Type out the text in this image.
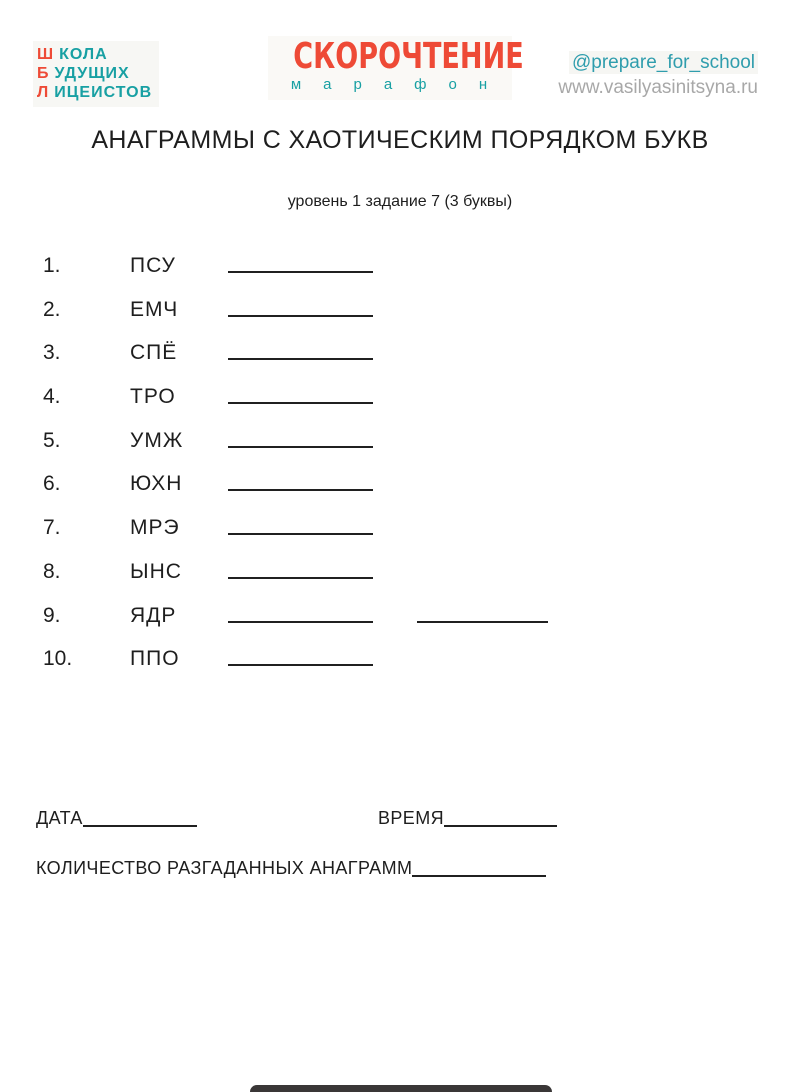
Ш КОЛА
Б УДУЩИХ
Л ИЦЕИСТОВ
СКОРОЧТЕНИЕ
марафон
@prepare_for_school
www.vasilyasinitsyna.ru
АНАГРАММЫ С ХАОТИЧЕСКИМ ПОРЯДКОМ БУКВ
уровень 1 задание 7 (3 буквы)
1.	ПСУ
2.	ЕМЧ
3.	СПЁ
4.	ТРО
5.	УМЖ
6.	ЮХН
7.	МРЭ
8.	ЫНС
9.	ЯДР
10.	ППО
ДАТА	ВРЕМЯ
КОЛИЧЕСТВО РАЗГАДАННЫХ АНАГРАММ
